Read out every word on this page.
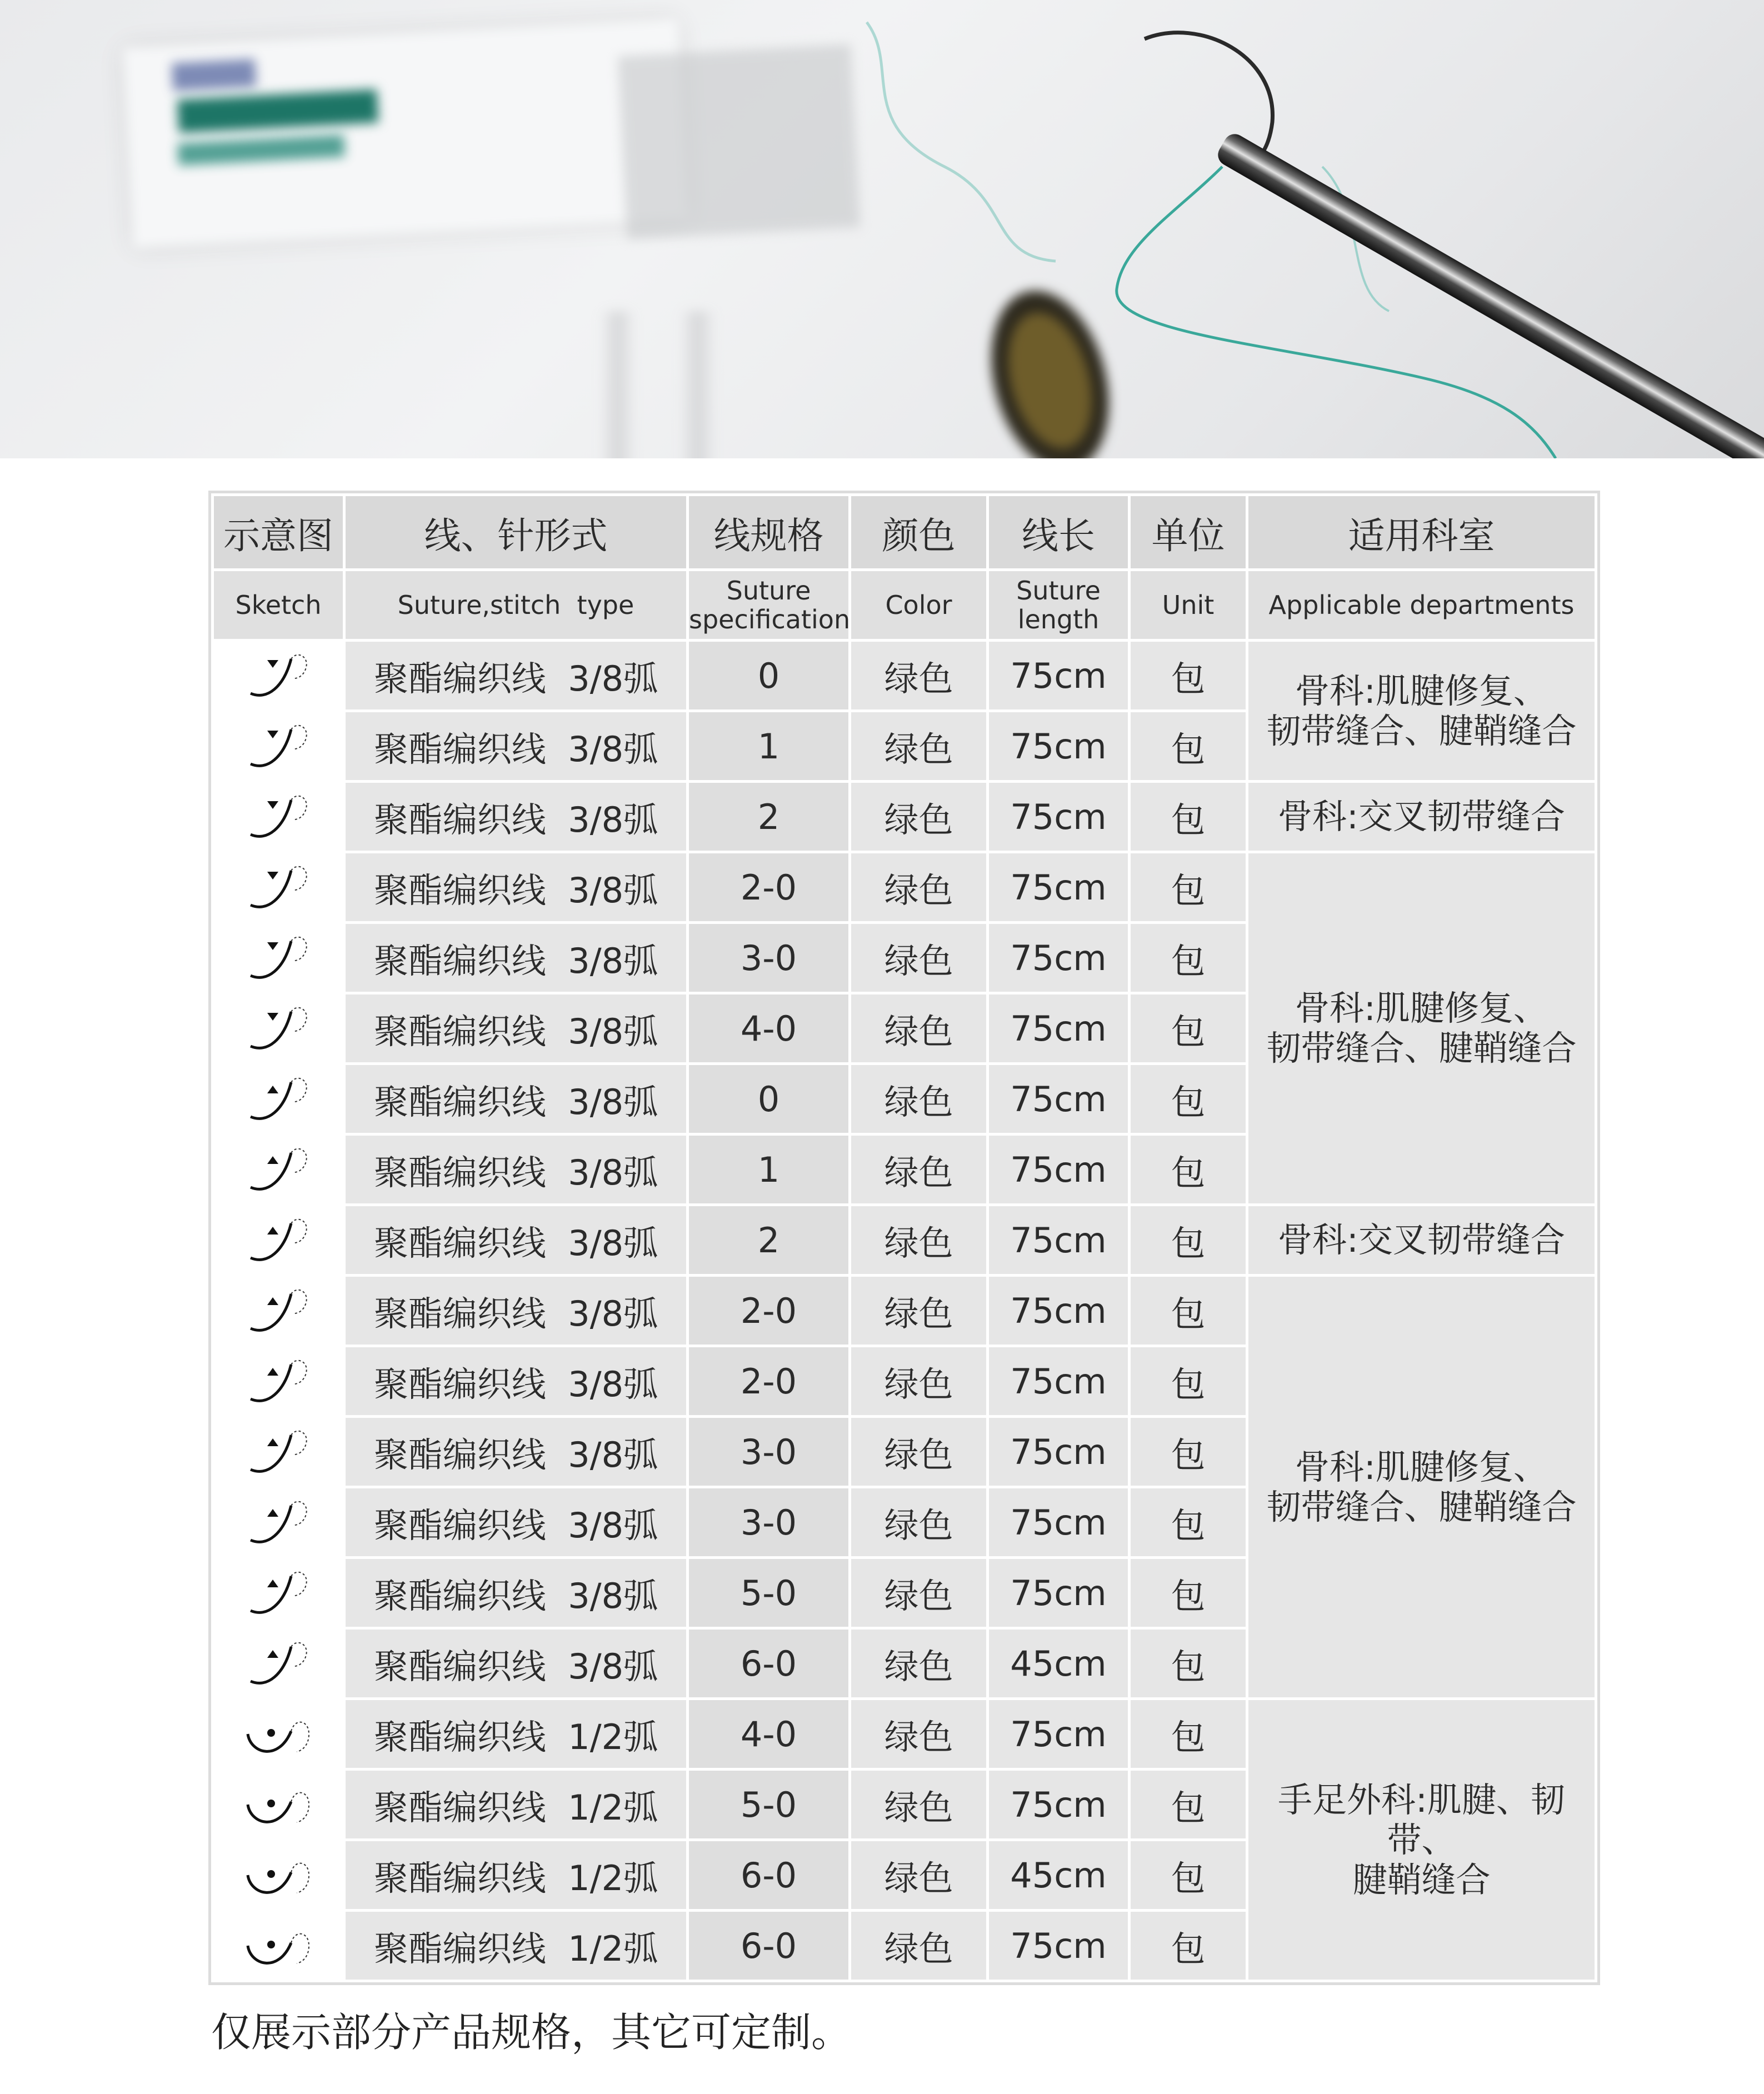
示意图	线、针形式	线规格	颜色	线长	单位	适用科室
Sketch	Suture,stitch  type	Suture specification	Color	Suture length	Unit	Applicable departments

	聚酯编织线  3/8弧	0	绿色	75cm	包	骨科:肌腱修复、
韧带缝合、腱鞘缝合

	聚酯编织线  3/8弧	1	绿色	75cm	包	

	聚酯编织线  3/8弧	2	绿色	75cm	包	骨科:交叉韧带缝合

	聚酯编织线  3/8弧	2-0	绿色	75cm	包	骨科:肌腱修复、
韧带缝合、腱鞘缝合

	聚酯编织线  3/8弧	3-0	绿色	75cm	包	

	聚酯编织线  3/8弧	4-0	绿色	75cm	包	

	聚酯编织线  3/8弧	0	绿色	75cm	包	

	聚酯编织线  3/8弧	1	绿色	75cm	包	

	聚酯编织线  3/8弧	2	绿色	75cm	包	骨科:交叉韧带缝合

	聚酯编织线  3/8弧	2-0	绿色	75cm	包	骨科:肌腱修复、
韧带缝合、腱鞘缝合

	聚酯编织线  3/8弧	2-0	绿色	75cm	包	

	聚酯编织线  3/8弧	3-0	绿色	75cm	包	

	聚酯编织线  3/8弧	3-0	绿色	75cm	包	

	聚酯编织线  3/8弧	5-0	绿色	75cm	包	

	聚酯编织线  3/8弧	6-0	绿色	45cm	包	

	聚酯编织线  1/2弧	4-0	绿色	75cm	包	手足外科:肌腱、韧带、
腱鞘缝合

	聚酯编织线  1/2弧	5-0	绿色	75cm	包	

	聚酯编织线  1/2弧	6-0	绿色	45cm	包	

	聚酯编织线  1/2弧	6-0	绿色	75cm	包	
仅展示部分产品规格，其它可定制。
